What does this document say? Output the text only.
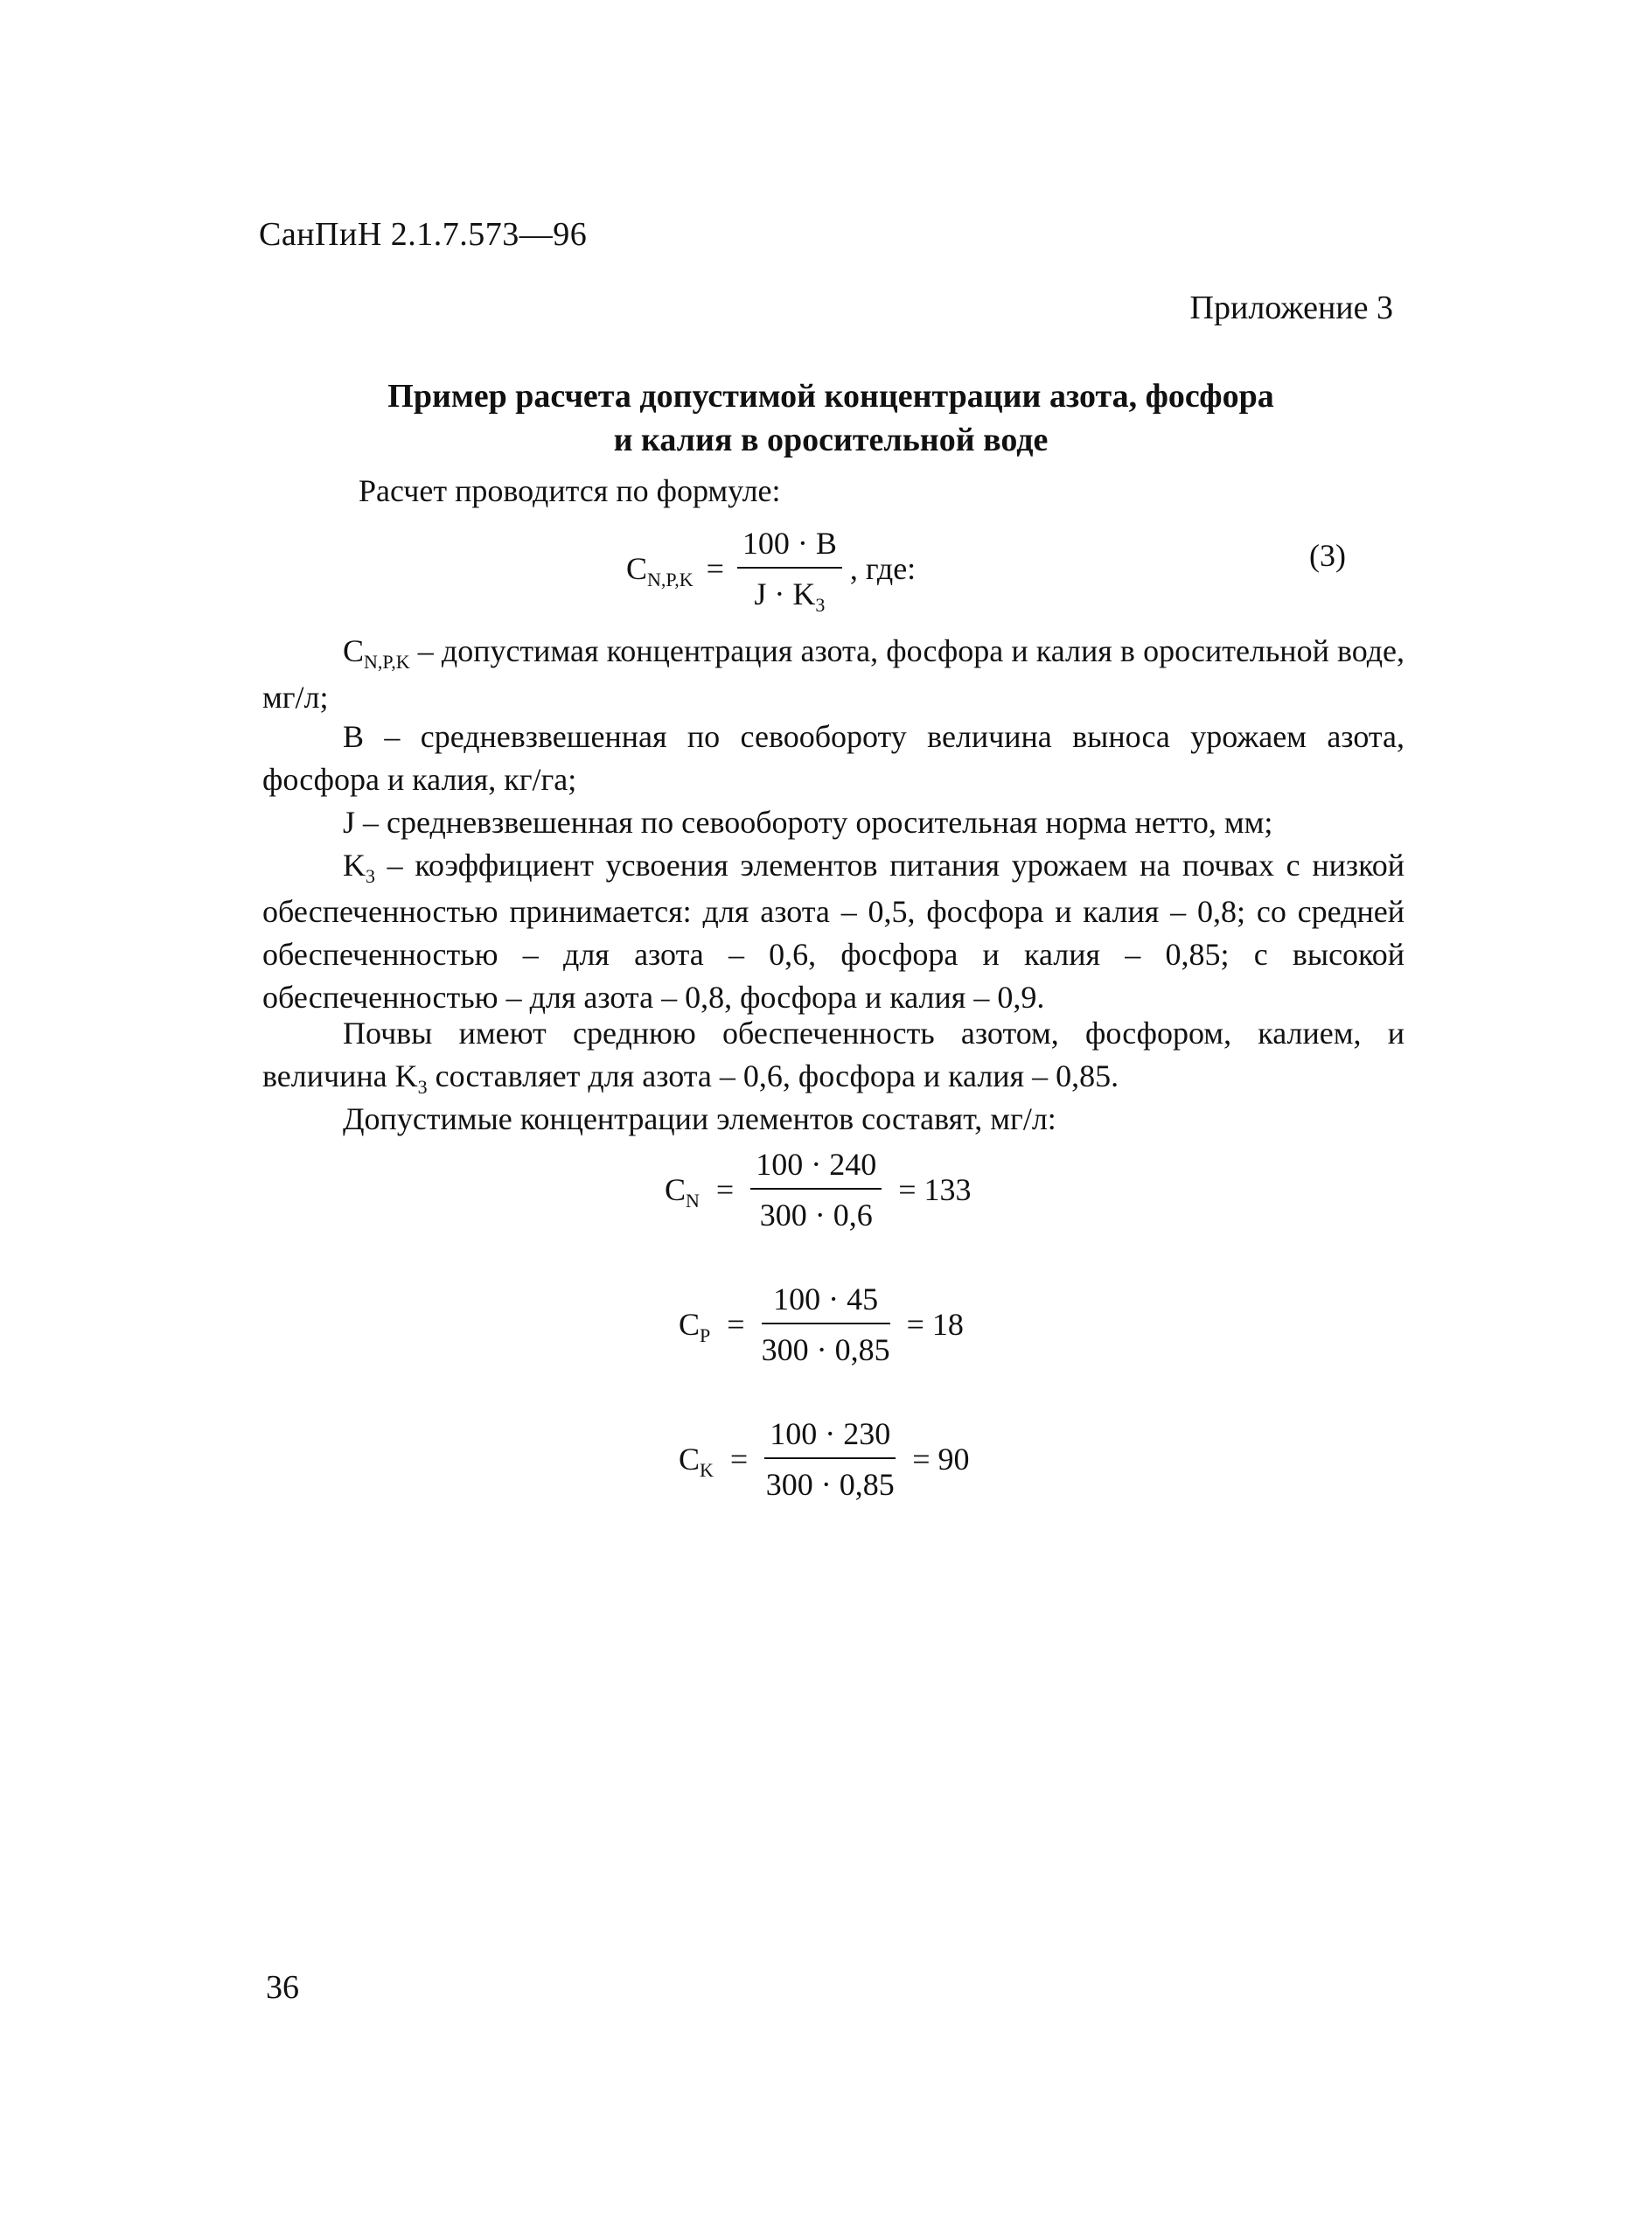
СанПиН 2.1.7.573—96
Приложение 3
Пример расчета допустимой концентрации азота, фосфора
и калия в оросительной воде
Расчет проводится по формуле:
$C_{N,P,K} = \frac{100 \cdot B}{J \cdot K_3}$ , где:	(3)
$C_{N,P,K}$ – допустимая концентрация азота, фосфора и калия в оросительной воде, мг/л;
B – средневзвешенная по севообороту величина выноса урожаем азота, фосфора и калия, кг/га;
J – средневзвешенная по севообороту оросительная норма нетто, мм;
$K_3$ – коэффициент усвоения элементов питания урожаем на почвах с низкой обеспеченностью принимается: для азота – 0,5, фосфора и калия – 0,8; со средней обеспеченностью – для азота – 0,6, фосфора и калия – 0,85; с высокой обеспеченностью – для азота – 0,8, фосфора и калия – 0,9.
Почвы имеют среднюю обеспеченность азотом, фосфором, калием, и величина $K_3$ составляет для азота – 0,6, фосфора и калия – 0,85.
Допустимые концентрации элементов составят, мг/л:
$C_N = \frac{100 \cdot 240}{300 \cdot 0,6} = 133$
$C_P = \frac{100 \cdot 45}{300 \cdot 0,85} = 18$
$C_K = \frac{100 \cdot 230}{300 \cdot 0,85} = 90$
36
